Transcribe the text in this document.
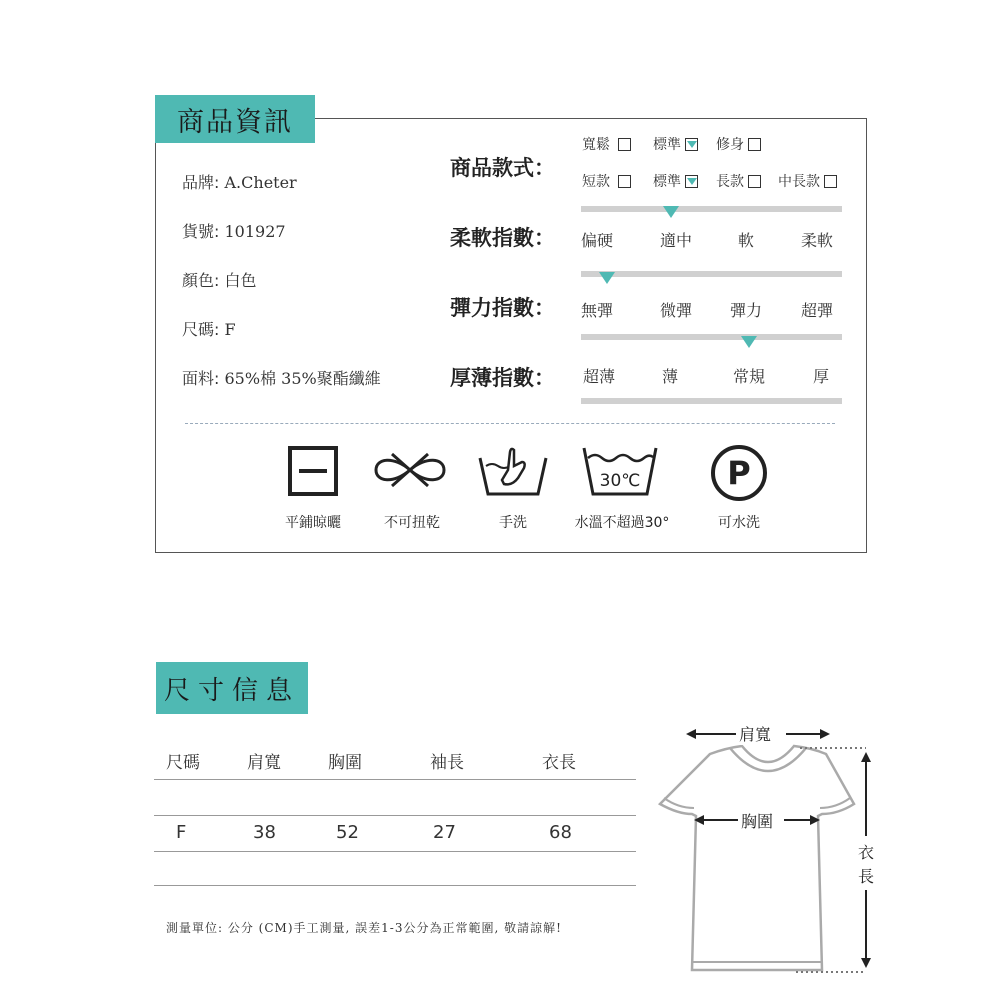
商品資訊
品牌: A.Cheter
貨號: 101927
顏色: 白色
尺碼: F
面料: 65%棉 35%聚酯纖維
商品款式：
寬鬆	標準	修身
短款	標準	長款 中長款
柔軟指數： 偏硬	適中	軟	柔軟
彈力指數： 無彈	微彈 彈力 超彈
厚薄指數： 超薄	薄	常規	厚
30℃	P
平鋪晾曬	不可扭乾	手洗	水溫不超過30°	可水洗
尺寸信息
尺碼	肩寬	胸圍	袖長	衣長
F	38	52	27	68
測量單位: 公分 (CM)手工測量, 誤差1-3公分為正常範圍, 敬請諒解!
肩寬
胸圍
衣
長
